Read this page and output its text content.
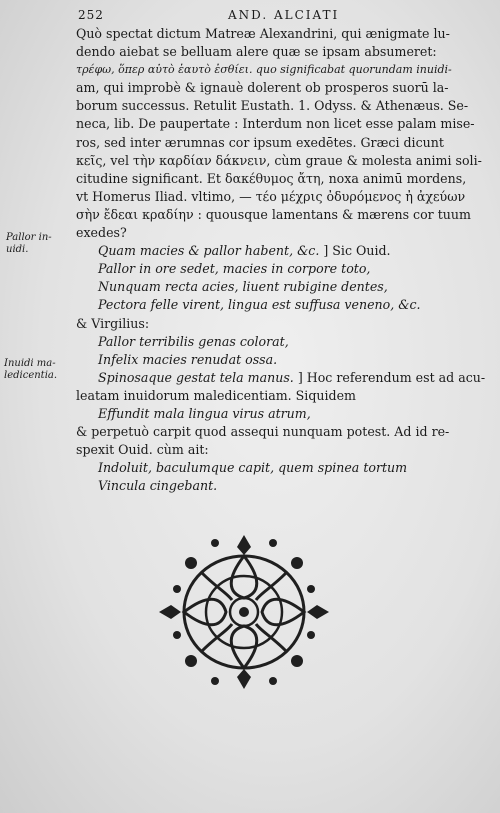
252	AND. ALCIATI
Pallor in-
uidi.
Inuidi ma-
ledicentia.
Quò spectat dictum Matreæ Alexandrini, qui ænigmate lu-
dendo aiebat se belluam alere quæ se ipsam absumeret:
τρέφω, ὅπερ αὐτὸ ἑαυτὸ ἐσθίει. quo significabat quorundam inuidi-
am, qui improbè & ignauè dolerent ob prosperos suorū la-
borum successus. Retulit Eustath. 1. Odyss. & Athenæus. Se-
neca, lib. De paupertate : Interdum non licet esse palam mise-
ros, sed inter ærumnas cor ipsum exedētes. Græci dicunt
κεῖς, vel τὴν καρδίαν δάκνειν, cùm graue & molesta animi soli-
citudine significant. Et δακέθυμος ἄτη, noxa animū mordens,
vt Homerus Iliad. vltimo, — τέο μέχρις ὀδυρόμενος ἠ ἀχεύων
σὴν ἔδεαι κραδίην : quousque lamentans & mærens cor tuum
exedes?
Quam macies & pallor habent, &c. ] Sic Ouid.
Pallor in ore sedet, macies in corpore toto,
Nunquam recta acies, liuent rubigine dentes,
Pectora felle virent, lingua est suffusa veneno, &c.
& Virgilius:
Pallor terribilis genas colorat,
Infelix macies renudat ossa.
Spinosaque gestat tela manus. ] Hoc referendum est ad acu-
leatam inuidorum maledicentiam. Siquidem
Effundit mala lingua virus atrum,
& perpetuò carpit quod assequi nunquam potest. Ad id re-
spexit Ouid. cùm ait:
Indoluit, baculumque capit, quem spinea tortum
Vincula cingebant.
